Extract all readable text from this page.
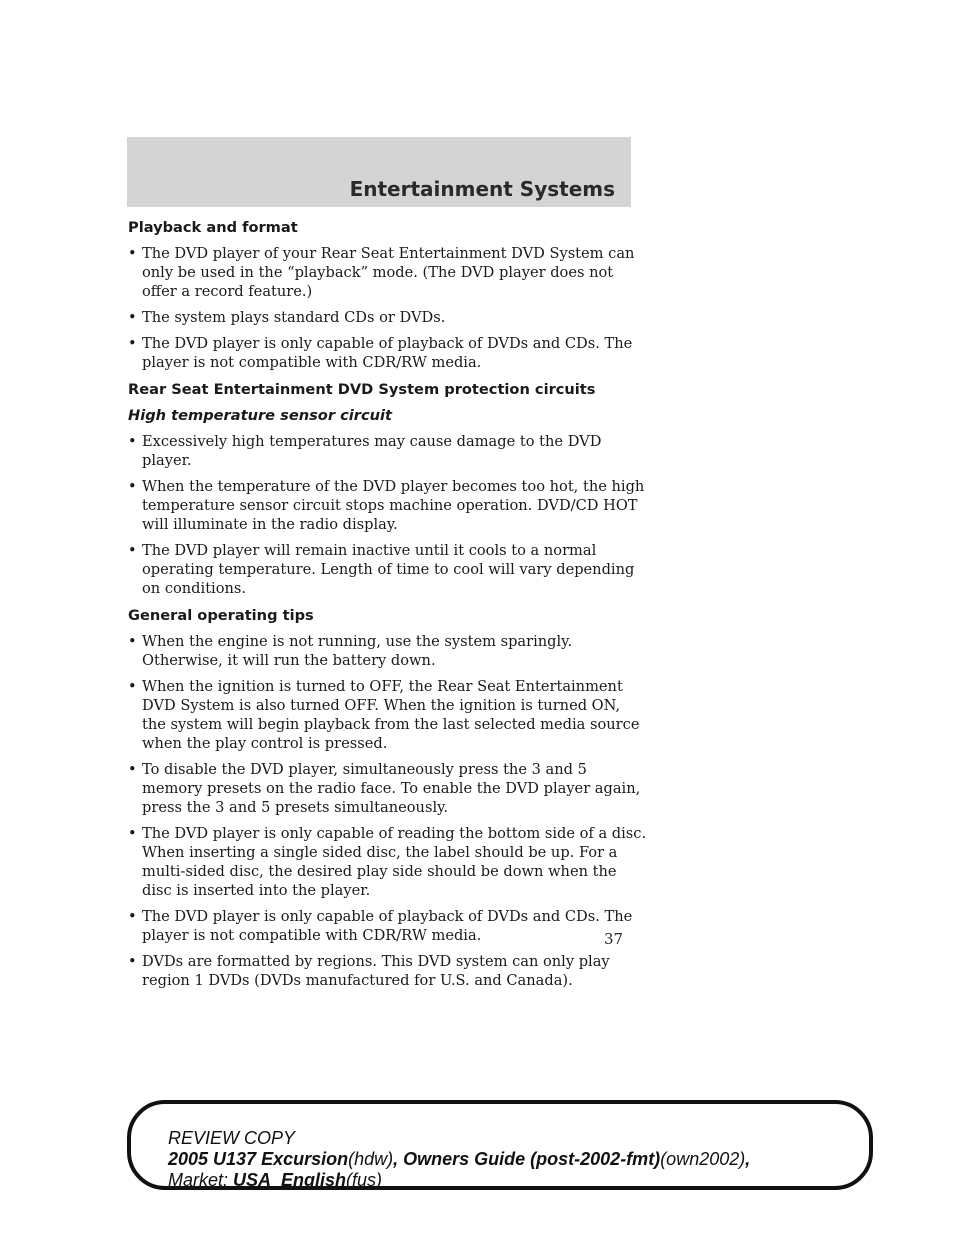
Entertainment Systems
Playback and format
• The DVD player of your Rear Seat Entertainment DVD System can only be used in the “playback” mode. (The DVD player does not offer a record feature.)
• The system plays standard CDs or DVDs.
• The DVD player is only capable of playback of DVDs and CDs. The player is not compatible with CDR/RW media.
Rear Seat Entertainment DVD System protection circuits
High temperature sensor circuit
• Excessively high temperatures may cause damage to the DVD player.
• When the temperature of the DVD player becomes too hot, the high temperature sensor circuit stops machine operation. DVD/CD HOT will illuminate in the radio display.
• The DVD player will remain inactive until it cools to a normal operating temperature. Length of time to cool will vary depending on conditions.
General operating tips
• When the engine is not running, use the system sparingly. Otherwise, it will run the battery down.
• When the ignition is turned to OFF, the Rear Seat Entertainment DVD System is also turned OFF. When the ignition is turned ON, the system will begin playback from the last selected media source when the play control is pressed.
• To disable the DVD player, simultaneously press the 3 and 5 memory presets on the radio face. To enable the DVD player again, press the 3 and 5 presets simultaneously.
• The DVD player is only capable of reading the bottom side of a disc. When inserting a single sided disc, the label should be up. For a multi-sided disc, the desired play side should be down when the disc is inserted into the player.
• The DVD player is only capable of playback of DVDs and CDs. The player is not compatible with CDR/RW media.
• DVDs are formatted by regions. This DVD system can only play region 1 DVDs (DVDs manufactured for U.S. and Canada).

37

REVIEW COPY

2005 U137 Excursion(hdw), Owners Guide (post-2002-fmt)(own2002),

Market: USA_English(fus)
